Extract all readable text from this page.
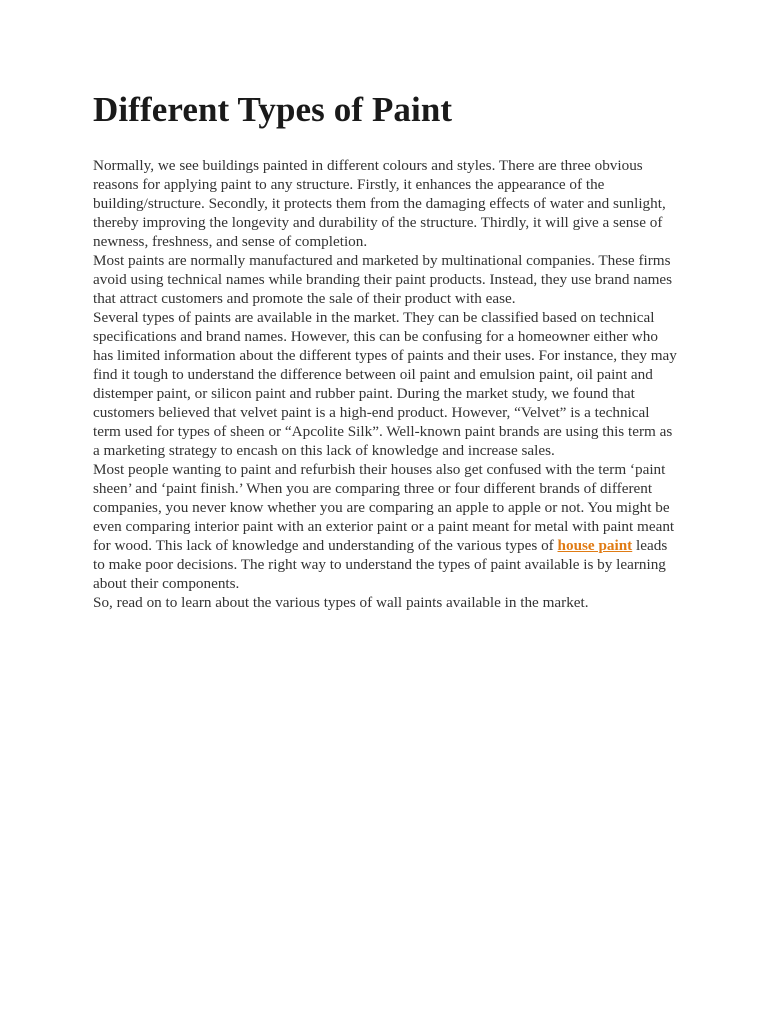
Different Types of Paint

Normally, we see buildings painted in different colours and styles. There are three obvious reasons for applying paint to any structure. Firstly, it enhances the appearance of the building/structure. Secondly, it protects them from the damaging effects of water and sunlight, thereby improving the longevity and durability of the structure. Thirdly, it will give a sense of newness, freshness, and sense of completion.

Most paints are normally manufactured and marketed by multinational companies. These firms avoid using technical names while branding their paint products. Instead, they use brand names that attract customers and promote the sale of their product with ease.

Several types of paints are available in the market. They can be classified based on technical specifications and brand names. However, this can be confusing for a homeowner either who has limited information about the different types of paints and their uses. For instance, they may find it tough to understand the difference between oil paint and emulsion paint, oil paint and distemper paint, or silicon paint and rubber paint. During the market study, we found that customers believed that velvet paint is a high-end product. However, “Velvet” is a technical term used for types of sheen or “Apcolite Silk”. Well-known paint brands are using this term as a marketing strategy to encash on this lack of knowledge and increase sales.

Most people wanting to paint and refurbish their houses also get confused with the term ‘paint sheen’ and ‘paint finish.’ When you are comparing three or four different brands of different companies, you never know whether you are comparing an apple to apple or not. You might be even comparing interior paint with an exterior paint or a paint meant for metal with paint meant for wood. This lack of knowledge and understanding of the various types of house paint leads to make poor decisions. The right way to understand the types of paint available is by learning about their components.

So, read on to learn about the various types of wall paints available in the market.
